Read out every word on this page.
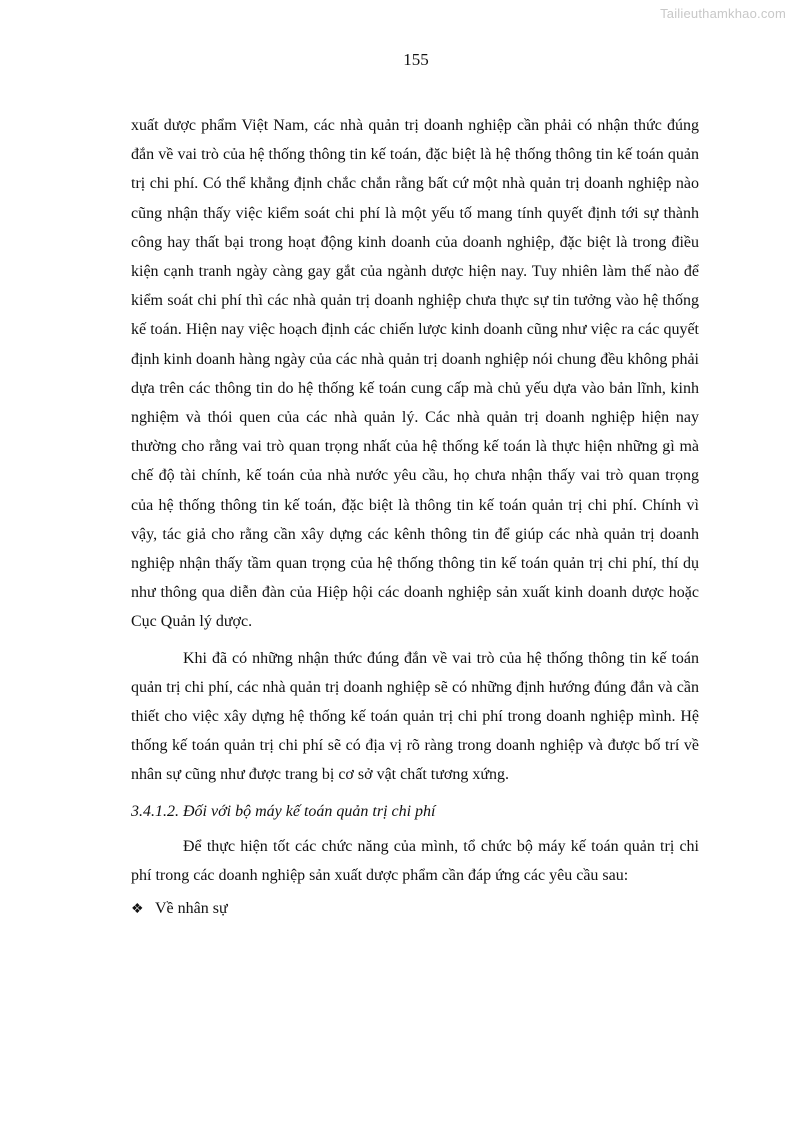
Tailieuthamkhao.com
155

xuất dược phẩm Việt Nam, các nhà quản trị doanh nghiệp cần phải có nhận thức đúng đắn về vai trò của hệ thống thông tin kế toán, đặc biệt là hệ thống thông tin kế toán quản trị chi phí. Có thể khẳng định chắc chắn rằng bất cứ một nhà quản trị doanh nghiệp nào cũng nhận thấy việc kiểm soát chi phí là một yếu tố mang tính quyết định tới sự thành công hay thất bại trong hoạt động kinh doanh của doanh nghiệp, đặc biệt là trong điều kiện cạnh tranh ngày càng gay gắt của ngành dược hiện nay. Tuy nhiên làm thế nào để kiểm soát chi phí thì các nhà quản trị doanh nghiệp chưa thực sự tin tưởng vào hệ thống kế toán. Hiện nay việc hoạch định các chiến lược kinh doanh cũng như việc ra các quyết định kinh doanh hàng ngày của các nhà quản trị doanh nghiệp nói chung đều không phải dựa trên các thông tin do hệ thống kế toán cung cấp mà chủ yếu dựa vào bản lĩnh, kinh nghiệm và thói quen của các nhà quản lý. Các nhà quản trị doanh nghiệp hiện nay thường cho rằng vai trò quan trọng nhất của hệ thống kế toán là thực hiện những gì mà chế độ tài chính, kế toán của nhà nước yêu cầu, họ chưa nhận thấy vai trò quan trọng của hệ thống thông tin kế toán, đặc biệt là thông tin kế toán quản trị chi phí. Chính vì vậy, tác giả cho rằng cần xây dựng các kênh thông tin để giúp các nhà quản trị doanh nghiệp nhận thấy tầm quan trọng của hệ thống thông tin kế toán quản trị chi phí, thí dụ như thông qua diễn đàn của Hiệp hội các doanh nghiệp sản xuất kinh doanh dược hoặc Cục Quản lý dược.

Khi đã có những nhận thức đúng đắn về vai trò của hệ thống thông tin kế toán quản trị chi phí, các nhà quản trị doanh nghiệp sẽ có những định hướng đúng đắn và cần thiết cho việc xây dựng hệ thống kế toán quản trị chi phí trong doanh nghiệp mình. Hệ thống kế toán quản trị chi phí sẽ có địa vị rõ ràng trong doanh nghiệp và được bố trí về nhân sự cũng như được trang bị cơ sở vật chất tương xứng.

3.4.1.2. Đối với bộ máy kế toán quản trị chi phí

Để thực hiện tốt các chức năng của mình, tổ chức bộ máy kế toán quản trị chi phí trong các doanh nghiệp sản xuất dược phẩm cần đáp ứng các yêu cầu sau:

❖ Về nhân sự
